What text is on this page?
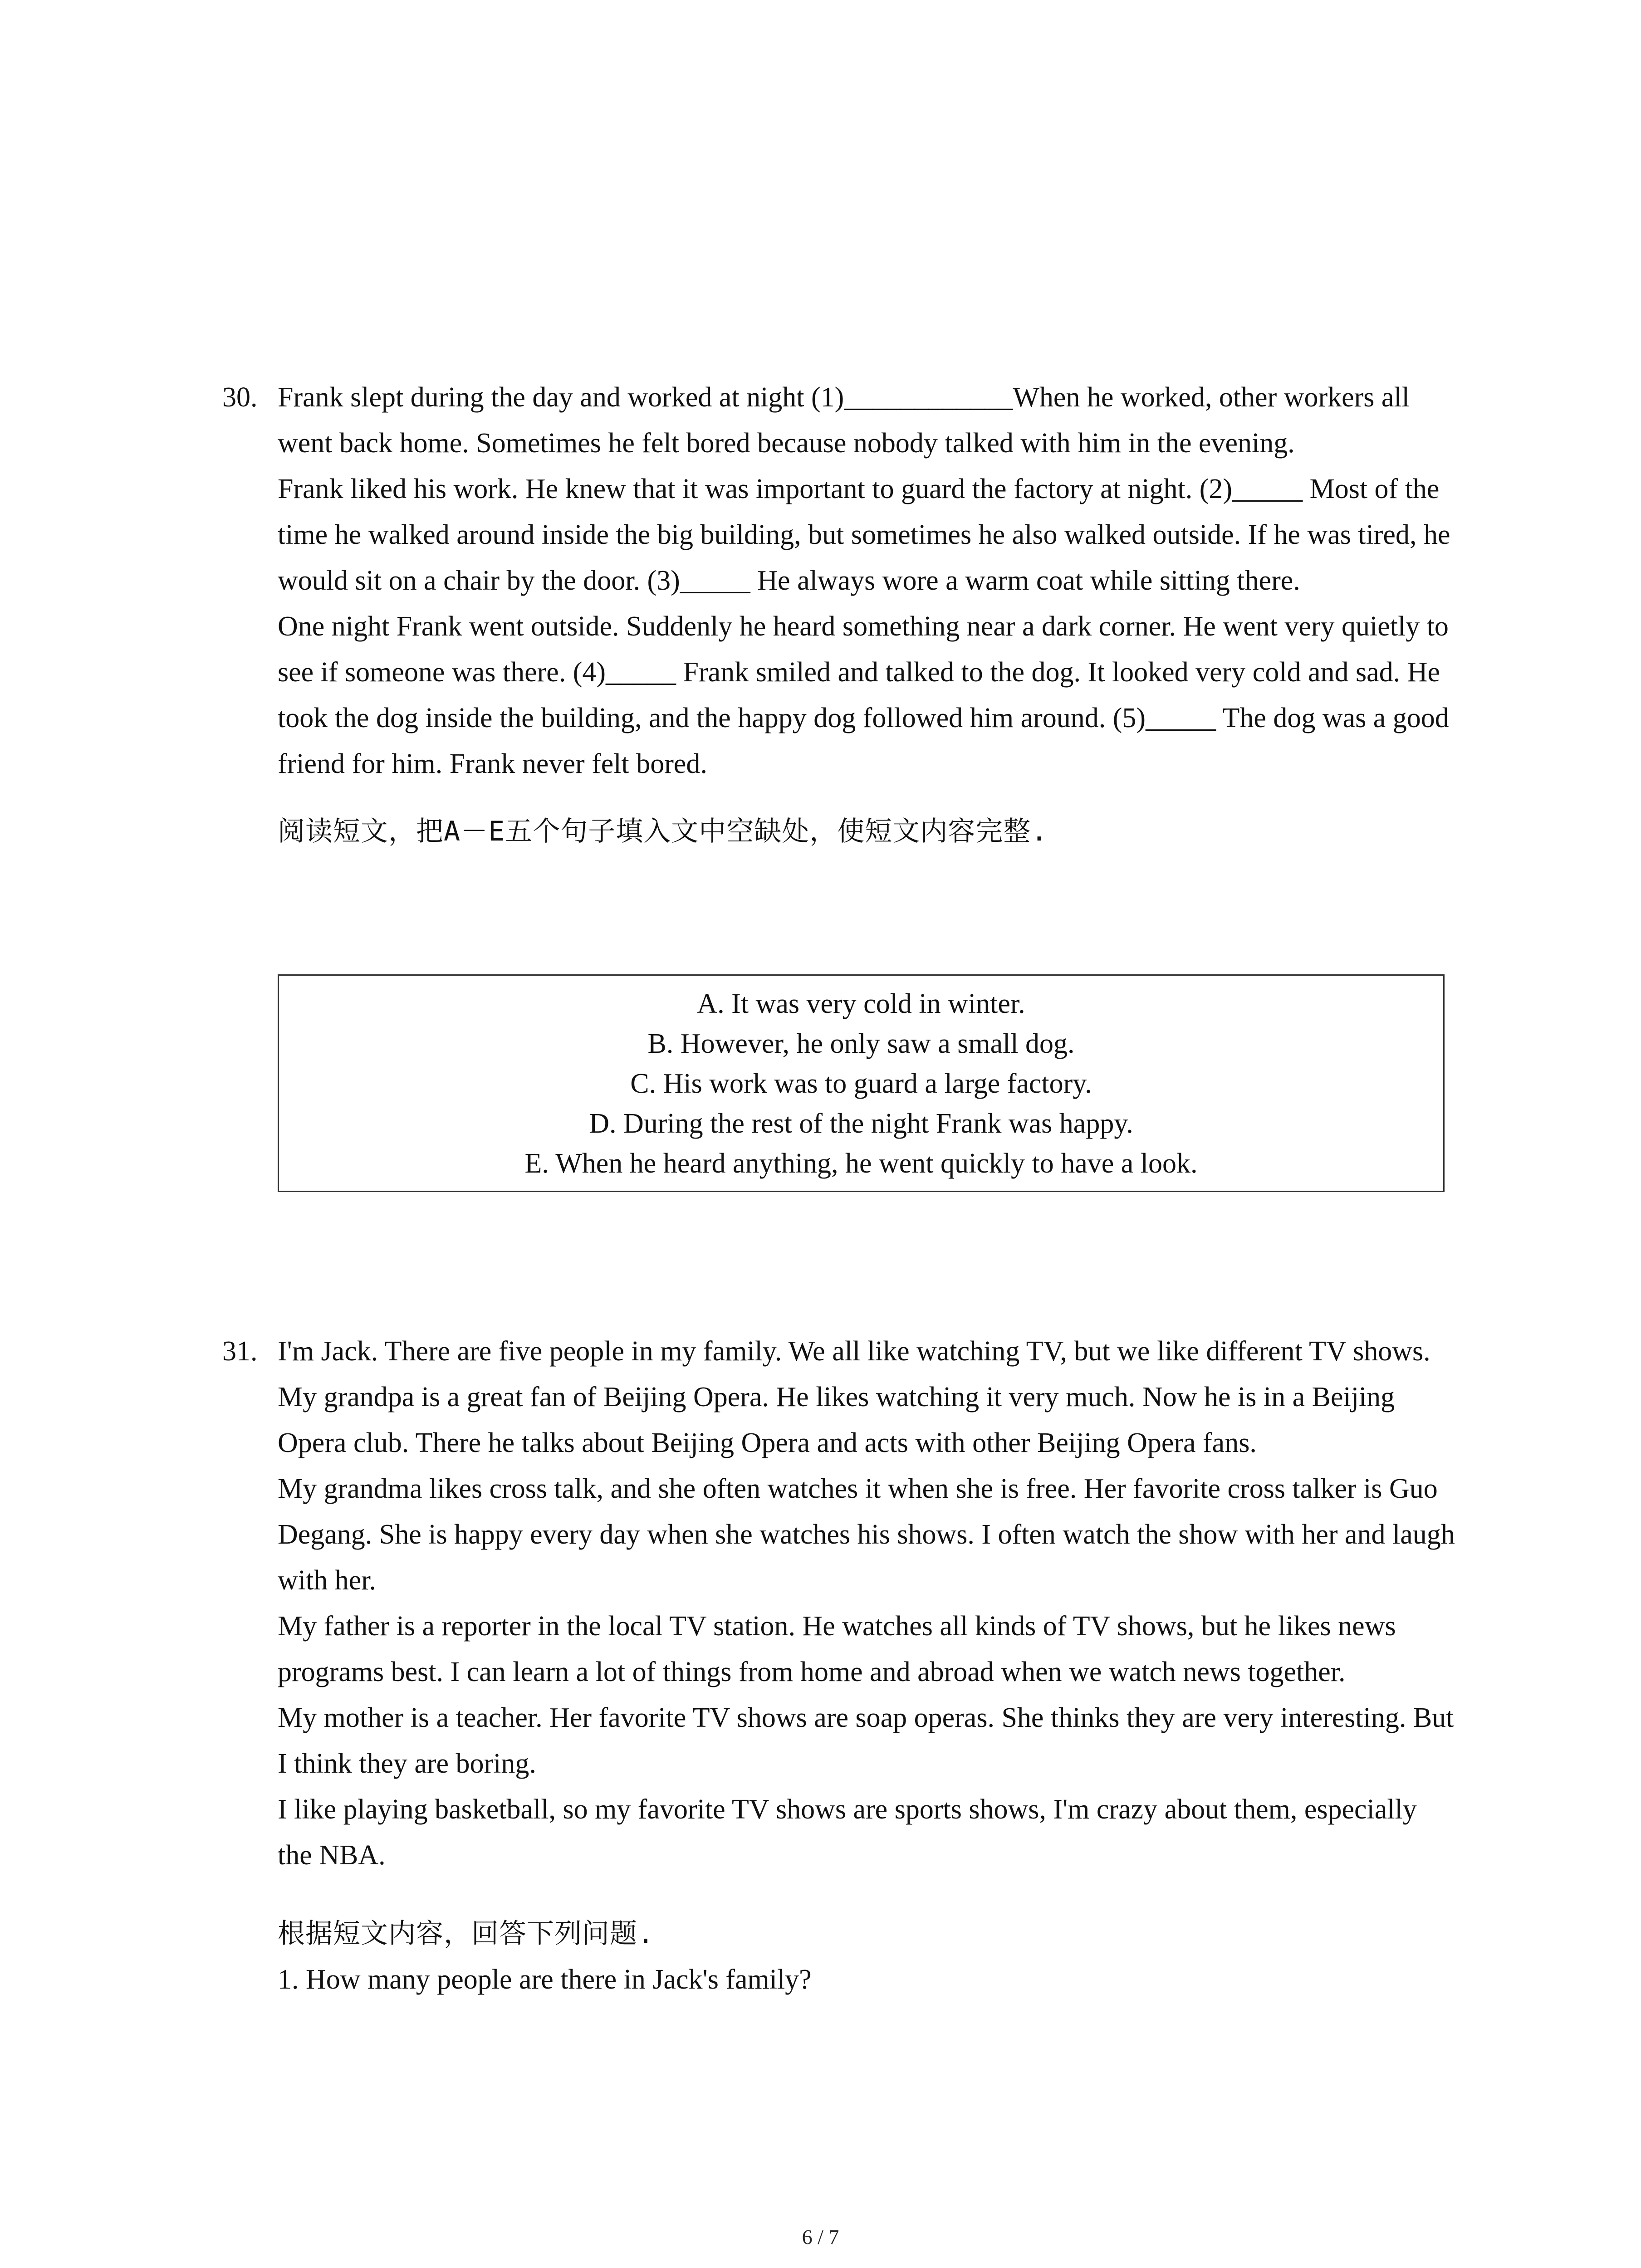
30. Frank slept during the day and worked at night (1)____________When he worked, other workers all went back home. Sometimes he felt bored because nobody talked with him in the evening.

Frank liked his work. He knew that it was important to guard the factory at night. (2)_____ Most of the time he walked around inside the big building, but sometimes he also walked outside. If he was tired, he would sit on a chair by the door. (3)_____ He always wore a warm coat while sitting there.

One night Frank went outside. Suddenly he heard something near a dark corner. He went very quietly to see if someone was there. (4)_____ Frank smiled and talked to the dog. It looked very cold and sad. He took the dog inside the building, and the happy dog followed him around. (5)_____ The dog was a good friend for him. Frank never felt bored.

阅读短文，把A－E五个句子填入文中空缺处，使短文内容完整.

A. It was very cold in winter.
B. However, he only saw a small dog.
C. His work was to guard a large factory.
D. During the rest of the night Frank was happy.
E. When he heard anything, he went quickly to have a look.
31. I'm Jack. There are five people in my family. We all like watching TV, but we like different TV shows.

My grandpa is a great fan of Beijing Opera. He likes watching it very much. Now he is in a Beijing Opera club. There he talks about Beijing Opera and acts with other Beijing Opera fans.

My grandma likes cross talk, and she often watches it when she is free. Her favorite cross talker is Guo Degang. She is happy every day when she watches his shows. I often watch the show with her and laugh with her.

My father is a reporter in the local TV station. He watches all kinds of TV shows, but he likes news programs best. I can learn a lot of things from home and abroad when we watch news together.

My mother is a teacher. Her favorite TV shows are soap operas. She thinks they are very interesting. But I think they are boring.

I like playing basketball, so my favorite TV shows are sports shows, I'm crazy about them, especially the NBA.

根据短文内容，回答下列问题.

1. How many people are there in Jack's family?

6 / 7
